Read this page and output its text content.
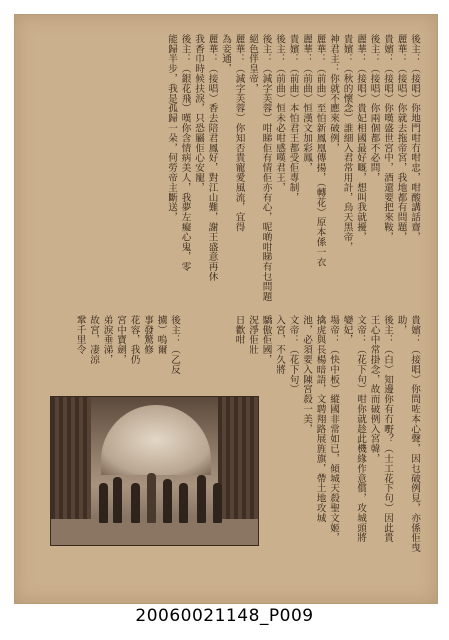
後主：（接唱）你地門咁冇咁忠，咁酸講話齋，
麗華：（接唱）你就去拖帝宮，我地都有問題，
貴嬪：（接唱）你嘆盛世宮中，酒還要把來鞍，
後主：（接唱）你兩個都不必問，
麗華：（接唱）貴妃相國最好嘅，想叫我就擾，
貴嬪：（秋的懷念）誰細入君常用計，烏天黑帝，
神君主：你就不應來破例，
麗華：（前曲）至怕新鳳凰傳揚，（轉花）原本係一衣
麗華：（前曲）恒漢文加彩鳳，
貴嬪：（前曲）本怕君王都受佢專制，
後主：（前曲）恒未必咁感嘆君王，
後主：（減字芙蓉）咁睇佢有情佢亦有心，呢啲咁睇有乜問題
絕色伴皇帝，
麗華：（減字芙蓉）你知否貴寵愛風流，宜得
為妾通，
麗華：（接唱）香去陪君鳳好，對江山難，謝王盛意再休
我香巾時候扶淚，只恐屬佢心安寵，
後主：（銀花飛）嘆你含情病美人，我夢左癡心鬼，零
能歸半步，我是孤歸一朵，何勞帝主斷送，
貴嬪：（接唱）你問咗本心聲，因乜破例見，亦係佢曳
助，
後主：（白）知邊你有冇嘢？（士工花下句）因此貴
王心中常掛念，故而破例入宮韓，
文帝：（花下句）咁你就趁此機緣作意償，攻城頭將
孌妃，
場帝：（快中板）縱國非常如已，傾城天殺聖文姬，
擒虎與長楊暗語，文聘翔路展旌旗，帶土地攻城
池，必須要入陳宮殺一美，
文帝：（花下句）
入宮，不久將
驕傲佢國，
況淨佢壯
日歡咁
後主：（乙反
擄）嗚爾
事發驚修
花容，我仍
宮中寶劍，
弟淚垂涕，
故宮，凄涼
鞏千里令
20060021148_P009
